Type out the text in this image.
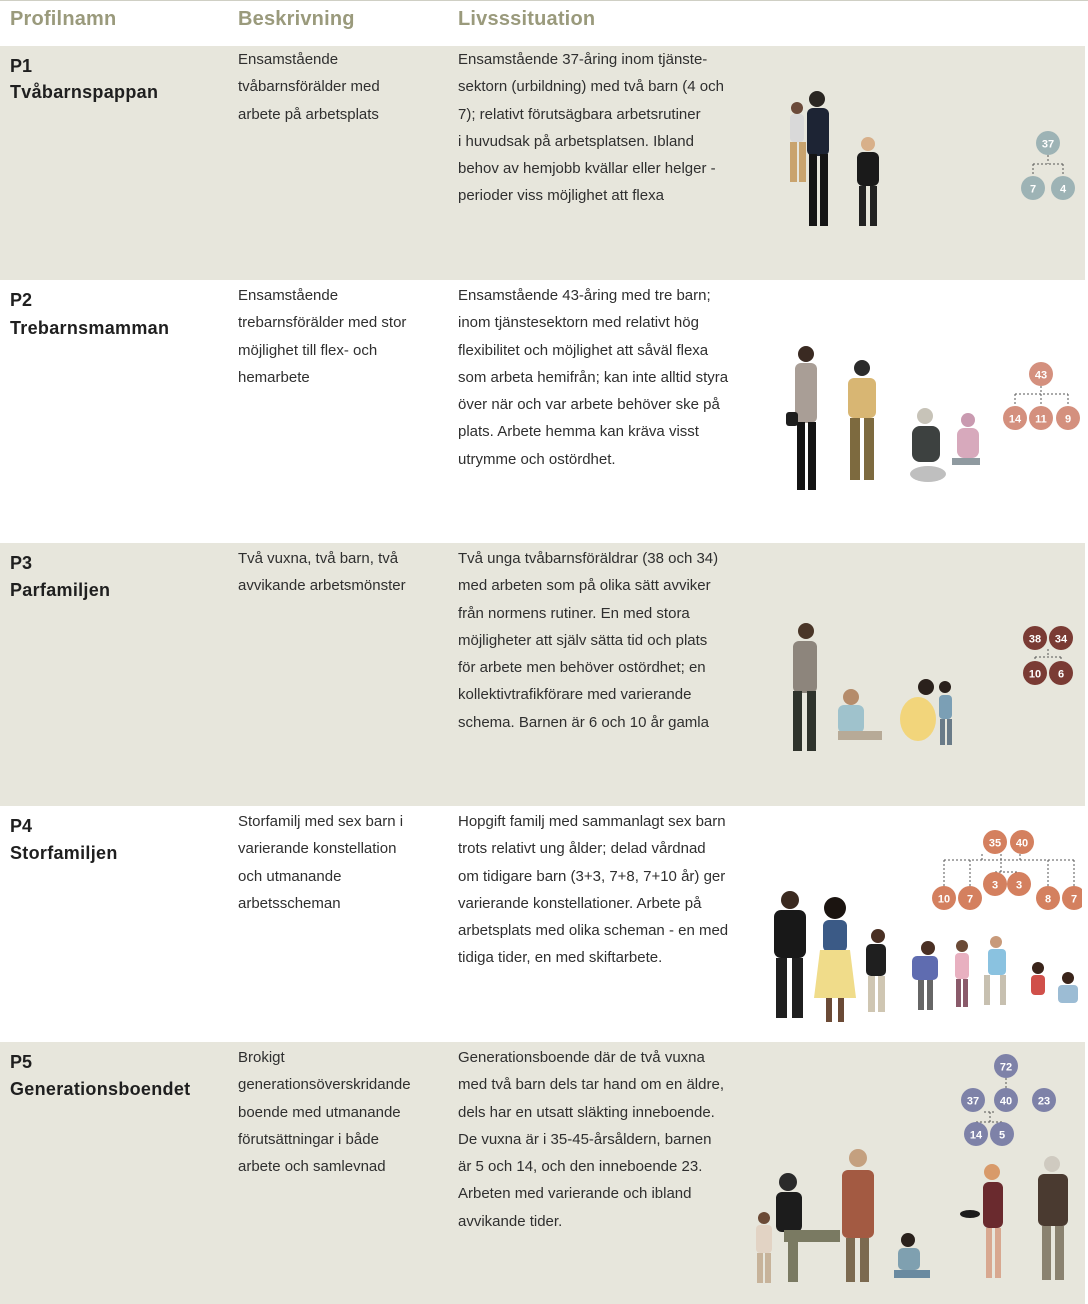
Profilnamn	Beskrivning	Livsssituation
P1
Tvåbarnspappan
Ensamstående
tvåbarnsförälder med
arbete på arbetsplats
Ensamstående 37-åring inom tjänste-
sektorn (urbildning) med två barn (4 och
7); relativt förutsägbara arbetsrutiner
i huvudsak på arbetsplatsen. Ibland
behov av hemjobb kvällar eller helger -
perioder viss möjlighet att flexa
37
7 4
P2
Trebarnsmamman
Ensamstående
trebarnsförälder med stor
möjlighet till flex- och
hemarbete
Ensamstående 43-åring med tre barn;
inom tjänstesektorn med relativt hög
flexibilitet och möjlighet att såväl flexa
som arbeta hemifrån; kan inte alltid styra
över när och var arbete behöver ske på
plats. Arbete hemma kan kräva visst
utrymme och ostördhet.
43
14 11 9
P3
Parfamiljen
Två vuxna, två barn, två
avvikande arbetsmönster
Två unga tvåbarnsföräldrar (38 och 34)
med arbeten som på olika sätt avviker
från normens rutiner. En med stora
möjligheter att själv sätta tid och plats
för arbete men behöver ostördhet; en
kollektivtrafikförare med varierande
schema. Barnen är 6 och 10 år gamla
38 34
10 6
P4
Storfamiljen
Storfamilj med sex barn i
varierande konstellation
och utmanande
arbetsscheman
Hopgift familj med sammanlagt sex barn
trots relativt ung ålder; delad vårdnad
om tidigare barn (3+3, 7+8, 7+10 år) ger
varierande konstellationer. Arbete på
arbetsplats med olika scheman - en med
tidiga tider, en med skiftarbete.
35 40
10 7
3 3
8 7
P5
Generationsboendet
Brokigt
generationsöverskridande
boende med utmanande
förutsättningar i både
arbete och samlevnad
Generationsboende där de två vuxna
med två barn dels tar hand om en äldre,
dels har en utsatt släkting inneboende.
De vuxna är i 35-45-årsåldern, barnen
är 5 och 14, och den inneboende 23.
Arbeten med varierande och ibland
avvikande tider.
72
37 40 23
14 5
